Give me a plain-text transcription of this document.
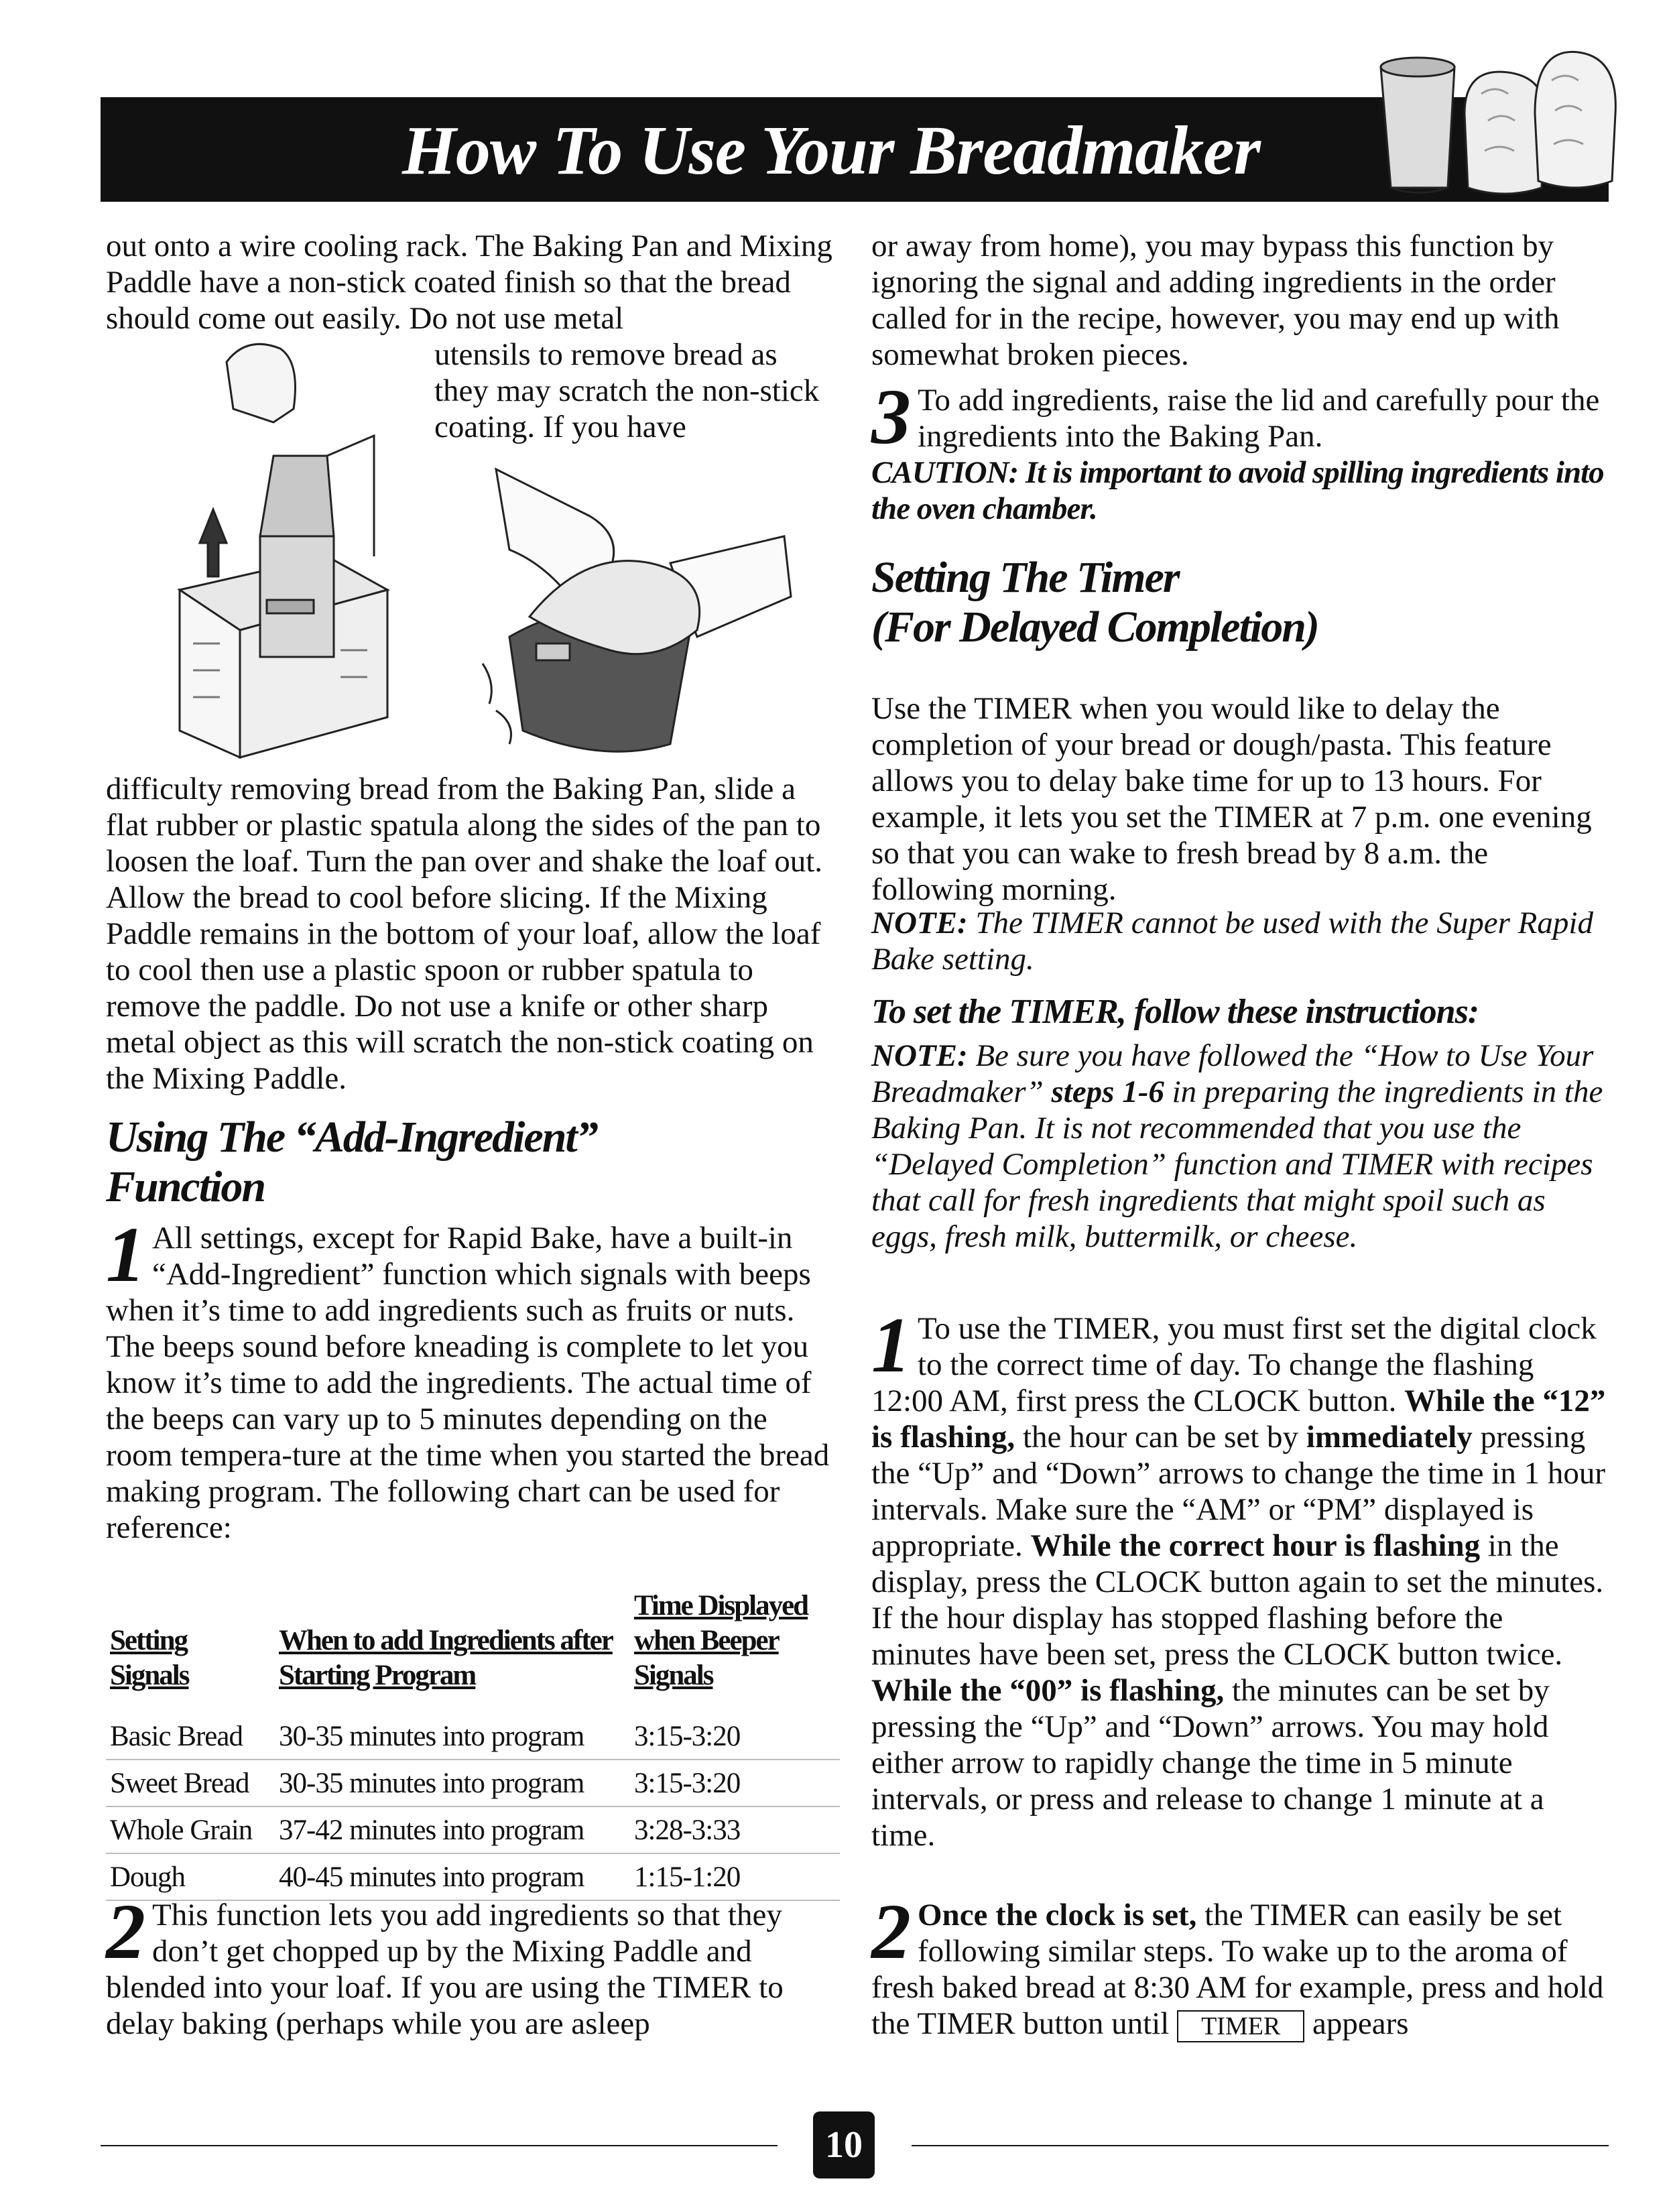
How To Use Your Breadmaker

out onto a wire cooling rack. The Baking Pan and Mixing Paddle have a non-stick coated finish so that the bread should come out easily. Do not use metal

utensils to remove bread as they may scratch the non-stick coating. If you have

difficulty removing bread from the Baking Pan, slide a flat rubber or plastic spatula along the sides of the pan to loosen the loaf. Turn the pan over and shake the loaf out. Allow the bread to cool before slicing. If the Mixing Paddle remains in the bottom of your loaf, allow the loaf to cool then use a plastic spoon or rubber spatula to remove the paddle. Do not use a knife or other sharp metal object as this will scratch the non-stick coating on the Mixing Paddle.

Using The “Add-Ingredient”
Function
1 All settings, except for Rapid Bake, have a built-in “Add-Ingredient” function which signals with beeps when it’s time to add ingredients such as fruits or nuts. The beeps sound before kneading is complete to let you know it’s time to add the ingredients. The actual time of the beeps can vary up to 5 minutes depending on the room tempera-ture at the time when you started the bread making program. The following chart can be used for reference:

Setting Signals	When to add Ingredients after Starting Program	Time Displayed when Beeper Signals
Basic Bread	30-35 minutes into program	3:15-3:20
Sweet Bread	30-35 minutes into program	3:15-3:20
Whole Grain	37-42 minutes into program	3:28-3:33
Dough	40-45 minutes into program	1:15-1:20
2 This function lets you add ingredients so that they don’t get chopped up by the Mixing Paddle and blended into your loaf. If you are using the TIMER to delay baking (perhaps while you are asleep

or away from home), you may bypass this function by ignoring the signal and adding ingredients in the order called for in the recipe, however, you may end up with somewhat broken pieces.

3 To add ingredients, raise the lid and carefully pour the ingredients into the Baking Pan.

CAUTION: It is important to avoid spilling ingredients into the oven chamber.

Setting The Timer
(For Delayed Completion)

Use the TIMER when you would like to delay the completion of your bread or dough/pasta. This feature allows you to delay bake time for up to 13 hours. For example, it lets you set the TIMER at 7 p.m. one evening so that you can wake to fresh bread by 8 a.m. the following morning.

NOTE: The TIMER cannot be used with the Super Rapid Bake setting.

To set the TIMER, follow these instructions:

NOTE: Be sure you have followed the “How to Use Your Breadmaker” steps 1-6 in preparing the ingredients in the Baking Pan. It is not recommended that you use the “Delayed Completion” function and TIMER with recipes that call for fresh ingredients that might spoil such as eggs, fresh milk, buttermilk, or cheese.

1 To use the TIMER, you must first set the digital clock to the correct time of day. To change the flashing 12:00 AM, first press the CLOCK button. While the “12” is flashing, the hour can be set by immediately pressing the “Up” and “Down” arrows to change the time in 1 hour intervals. Make sure the “AM” or “PM” displayed is appropriate. While the correct hour is flashing in the display, press the CLOCK button again to set the minutes. If the hour display has stopped flashing before the minutes have been set, press the CLOCK button twice. While the “00” is flashing, the minutes can be set by pressing the “Up” and “Down” arrows. You may hold either arrow to rapidly change the time in 5 minute intervals, or press and release to change 1 minute at a time.

2 Once the clock is set, the TIMER can easily be set following similar steps. To wake up to the aroma of fresh baked bread at 8:30 AM for example, press and hold the TIMER button until TIMER appears

10
